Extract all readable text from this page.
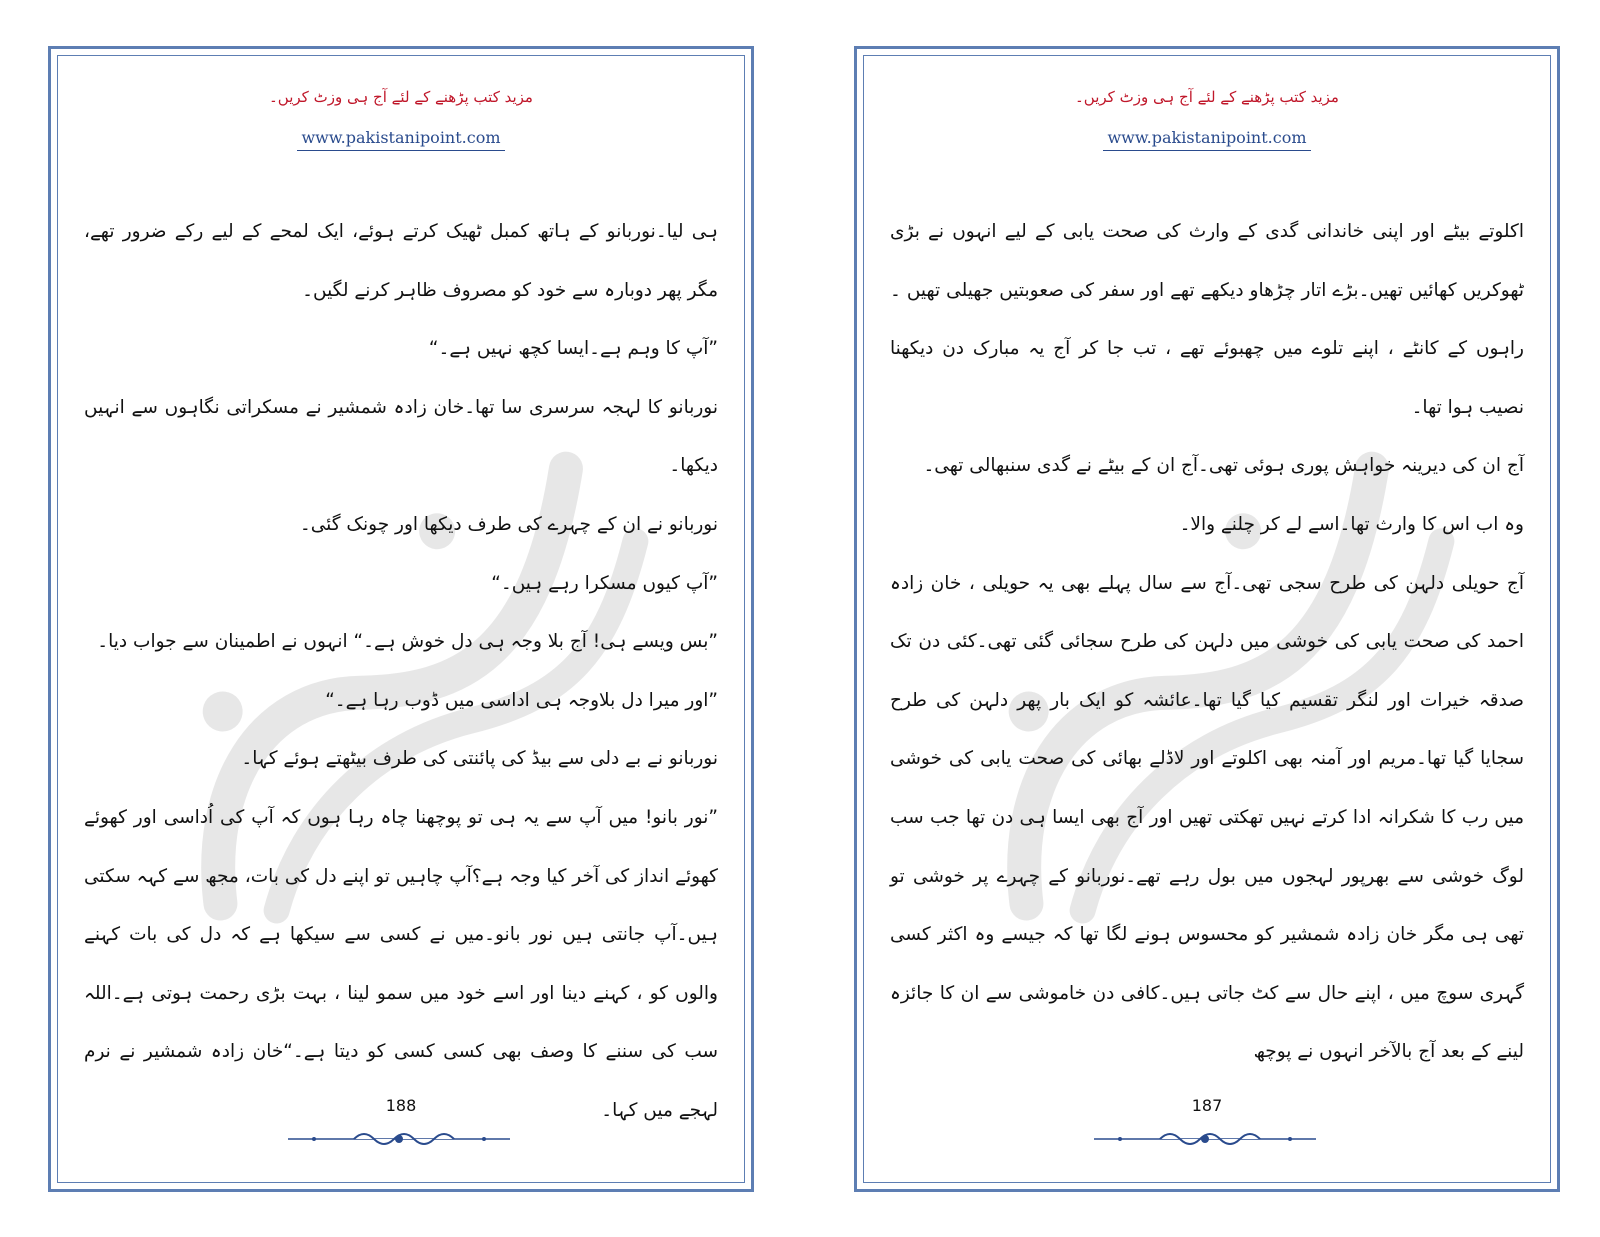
مزید کتب پڑھنے کے لئے آج ہی وزٹ کریں۔
www.pakistanipoint.com

ہی لیا۔نوربانو کے ہاتھ کمبل ٹھیک کرتے ہوئے، ایک لمحے کے لیے رکے ضرور تھے، مگر پھر دوبارہ سے خود کو مصروف ظاہر کرنے لگیں۔

”آپ کا وہم ہے۔ایسا کچھ نہیں ہے۔“

نوربانو کا لہجہ سرسری سا تھا۔خان زادہ شمشیر نے مسکراتی نگاہوں سے انہیں دیکھا۔

نوربانو نے ان کے چہرے کی طرف دیکھا اور چونک گئی۔

”آپ کیوں مسکرا رہے ہیں۔“

”بس ویسے ہی! آج بلا وجہ ہی دل خوش ہے۔“ انہوں نے اطمینان سے جواب دیا۔

”اور میرا دل بلاوجہ ہی اداسی میں ڈوب رہا ہے۔“

نوربانو نے بے دلی سے بیڈ کی پائنتی کی طرف بیٹھتے ہوئے کہا۔

”نور بانو! میں آپ سے یہ ہی تو پوچھنا چاہ رہا ہوں کہ آپ کی اُداسی اور کھوئے کھوئے انداز کی آخر کیا وجہ ہے؟آپ چاہیں تو اپنے دل کی بات، مجھ سے کہہ سکتی ہیں۔آپ جانتی ہیں نور بانو۔میں نے کسی سے سیکھا ہے کہ دل کی بات کہنے والوں کو ، کہنے دینا اور اسے خود میں سمو لینا ، بہت بڑی رحمت ہوتی ہے۔اللہ سب کی سننے کا وصف بھی کسی کسی کو دیتا ہے۔“خان زادہ شمشیر نے نرم لہجے میں کہا۔

188
مزید کتب پڑھنے کے لئے آج ہی وزٹ کریں۔
www.pakistanipoint.com

اکلوتے بیٹے اور اپنی خاندانی گدی کے وارث کی صحت یابی کے لیے انہوں نے بڑی ٹھوکریں کھائیں تھیں۔بڑے اتار چڑھاو دیکھے تھے اور سفر کی صعوبتیں جھیلی تھیں ۔راہوں کے کانٹے ، اپنے تلوے میں چھبوئے تھے ، تب جا کر آج یہ مبارک دن دیکھنا نصیب ہوا تھا۔

آج ان کی دیرینہ خواہش پوری ہوئی تھی۔آج ان کے بیٹے نے گدی سنبھالی تھی۔

وہ اب اس کا وارث تھا۔اسے لے کر چلنے والا۔

آج حویلی دلہن کی طرح سجی تھی۔آج سے سال پہلے بھی یہ حویلی ، خان زادہ احمد کی صحت یابی کی خوشی میں دلہن کی طرح سجائی گئی تھی۔کئی دن تک صدقہ خیرات اور لنگر تقسیم کیا گیا تھا۔عائشہ کو ایک بار پھر دلہن کی طرح سجایا گیا تھا۔مریم اور آمنہ بھی اکلوتے اور لاڈلے بھائی کی صحت یابی کی خوشی میں رب کا شکرانہ ادا کرتے نہیں تھکتی تھیں اور آج بھی ایسا ہی دن تھا جب سب لوگ خوشی سے بھرپور لہجوں میں بول رہے تھے۔نوربانو کے چہرے پر خوشی تو تھی ہی مگر خان زادہ شمشیر کو محسوس ہونے لگا تھا کہ جیسے وہ اکثر کسی گہری سوچ میں ، اپنے حال سے کٹ جاتی ہیں۔کافی دن خاموشی سے ان کا جائزہ لینے کے بعد آج بالآخر انہوں نے پوچھ

187
